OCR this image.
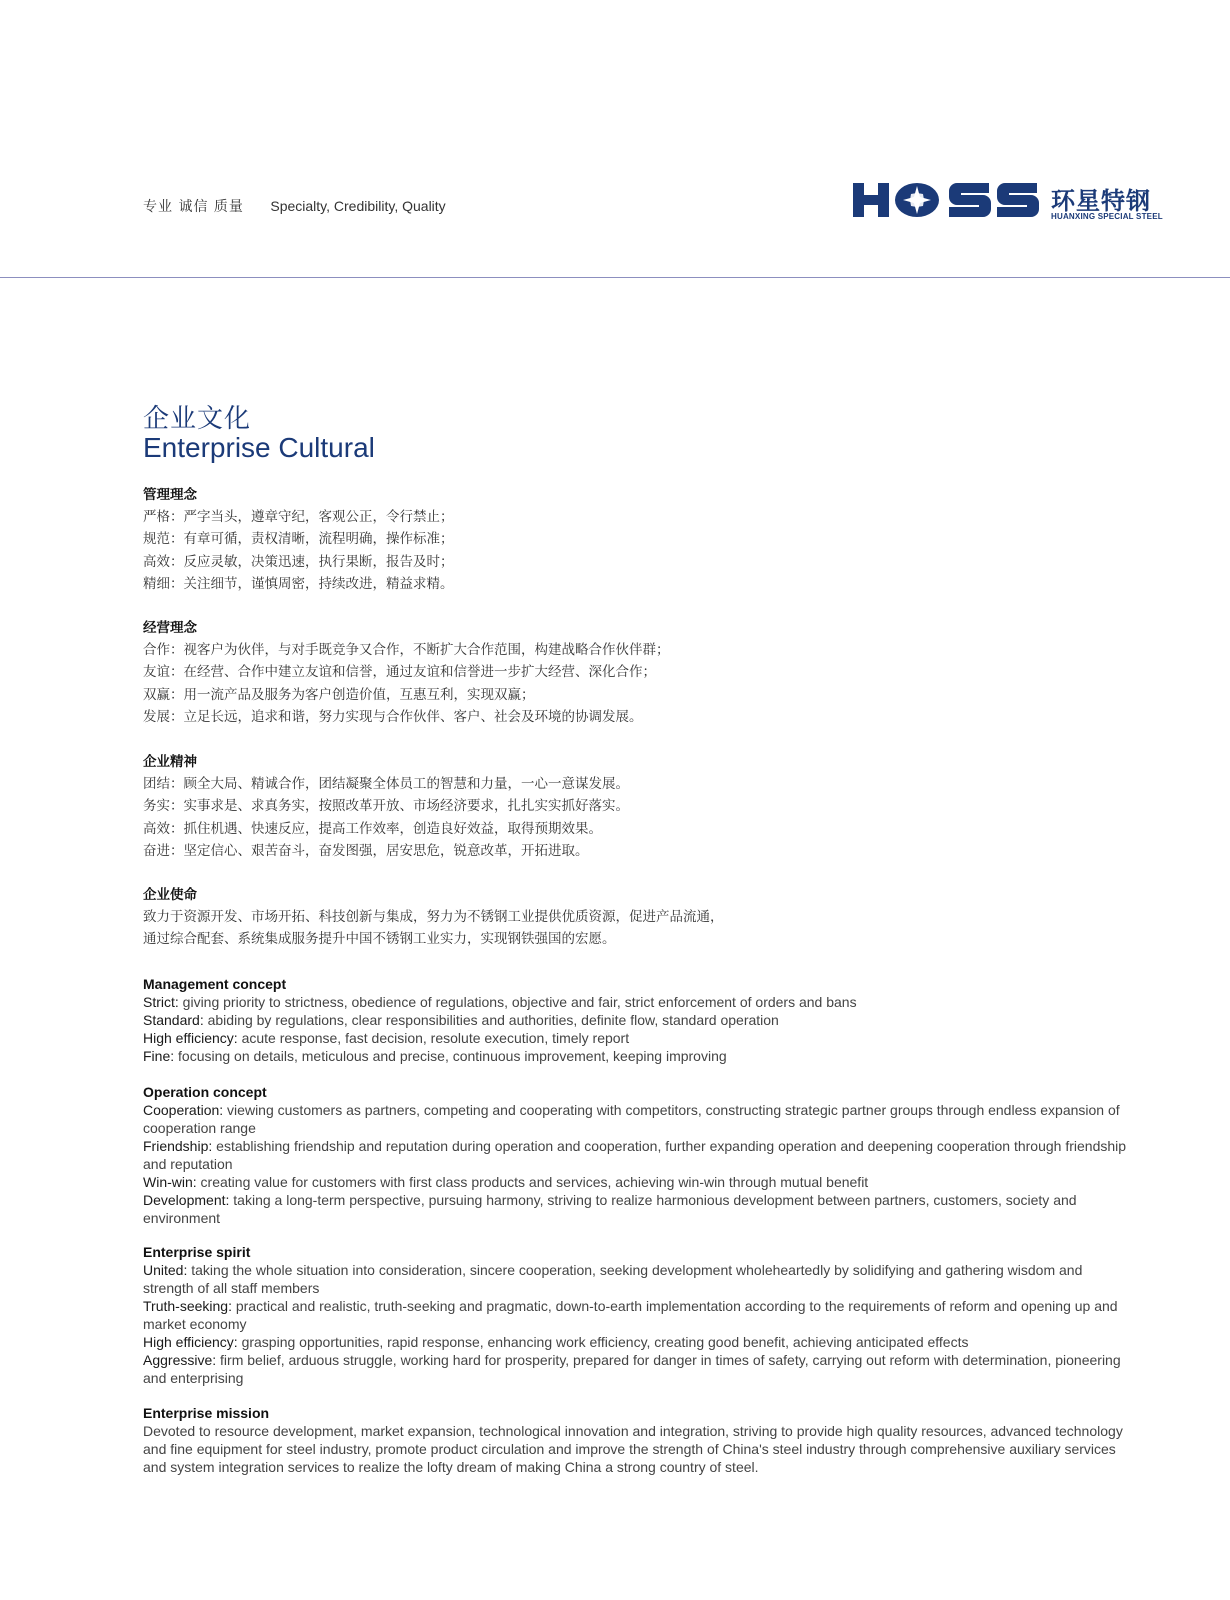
专业 诚信 质量 Specialty, Credibility, Quality	环星特钢
HUANXING SPECIAL STEEL
企业文化
Enterprise Cultural
管理理念

严格：严字当头，遵章守纪，客观公正，令行禁止；

规范：有章可循，责权清晰，流程明确，操作标准；

高效：反应灵敏，决策迅速，执行果断，报告及时；

精细：关注细节，谨慎周密，持续改进，精益求精。

经营理念

合作：视客户为伙伴，与对手既竞争又合作，不断扩大合作范围，构建战略合作伙伴群；

友谊：在经营、合作中建立友谊和信誉，通过友谊和信誉进一步扩大经营、深化合作；

双赢：用一流产品及服务为客户创造价值，互惠互利，实现双赢；

发展：立足长远，追求和谐，努力实现与合作伙伴、客户、社会及环境的协调发展。

企业精神

团结：顾全大局、精诚合作，团结凝聚全体员工的智慧和力量，一心一意谋发展。

务实：实事求是、求真务实，按照改革开放、市场经济要求，扎扎实实抓好落实。

高效：抓住机遇、快速反应，提高工作效率，创造良好效益，取得预期效果。

奋进：坚定信心、艰苦奋斗，奋发图强，居安思危，锐意改革，开拓进取。

企业使命

致力于资源开发、市场开拓、科技创新与集成，努力为不锈钢工业提供优质资源，促进产品流通，

通过综合配套、系统集成服务提升中国不锈钢工业实力，实现钢铁强国的宏愿。

Management concept

Strict: giving priority to strictness, obedience of regulations, objective and fair, strict enforcement of orders and bans

Standard: abiding by regulations, clear responsibilities and authorities, definite flow, standard operation

High efficiency: acute response, fast decision, resolute execution, timely report

Fine: focusing on details, meticulous and precise, continuous improvement, keeping improving

Operation concept

Cooperation: viewing customers as partners, competing and cooperating with competitors, constructing strategic partner groups through endless expansion of cooperation range

Friendship: establishing friendship and reputation during operation and cooperation, further expanding operation and deepening cooperation through friendship and reputation

Win-win: creating value for customers with first class products and services, achieving win-win through mutual benefit

Development: taking a long-term perspective, pursuing harmony, striving to realize harmonious development between partners, customers, society and environment

Enterprise spirit

United: taking the whole situation into consideration, sincere cooperation, seeking development wholeheartedly by solidifying and gathering wisdom and strength of all staff members

Truth-seeking: practical and realistic, truth-seeking and pragmatic, down-to-earth implementation according to the requirements of reform and opening up and market economy

High efficiency: grasping opportunities, rapid response, enhancing work efficiency, creating good benefit, achieving anticipated effects

Aggressive: firm belief, arduous struggle, working hard for prosperity, prepared for danger in times of safety, carrying out reform with determination, pioneering and enterprising

Enterprise mission

Devoted to resource development, market expansion, technological innovation and integration, striving to provide high quality resources, advanced technology and fine equipment for steel industry, promote product circulation and improve the strength of China's steel industry through comprehensive auxiliary services and system integration services to realize the lofty dream of making China a strong country of steel.
